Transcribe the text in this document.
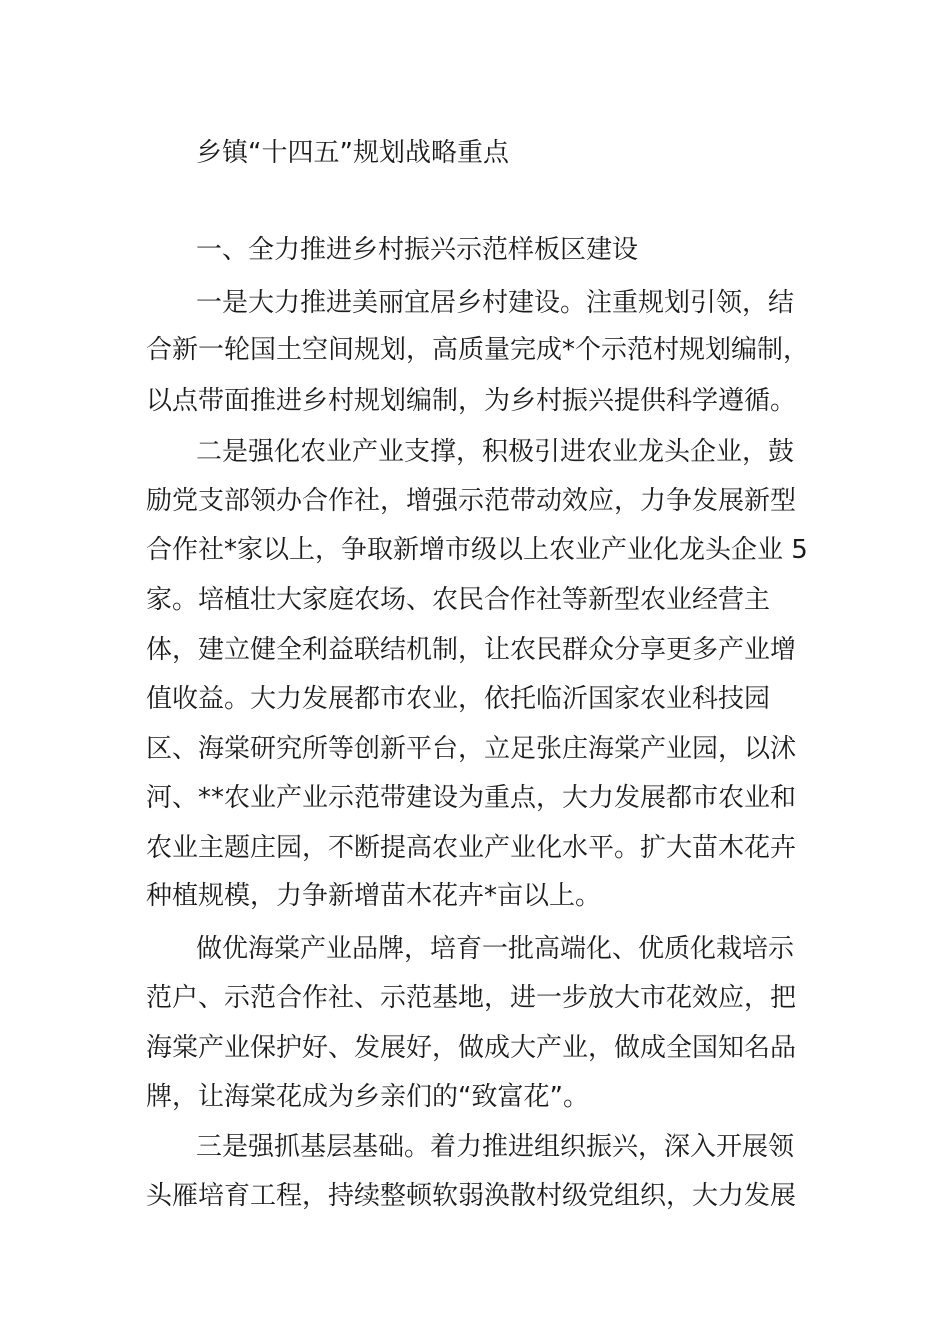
乡镇“十四五”规划战略重点
一、全力推进乡村振兴示范样板区建设

一是大力推进美丽宜居乡村建设。注重规划引领，结

合新一轮国土空间规划，高质量完成*个示范村规划编制，

以点带面推进乡村规划编制，为乡村振兴提供科学遵循。

二是强化农业产业支撑，积极引进农业龙头企业，鼓

励党支部领办合作社，增强示范带动效应，力争发展新型

合作社*家以上，争取新增市级以上农业产业化龙头企业 5

家。培植壮大家庭农场、农民合作社等新型农业经营主

体，建立健全利益联结机制，让农民群众分享更多产业增

值收益。大力发展都市农业，依托临沂国家农业科技园

区、海棠研究所等创新平台，立足张庄海棠产业园，以沭

河、**农业产业示范带建设为重点，大力发展都市农业和

农业主题庄园，不断提高农业产业化水平。扩大苗木花卉

种植规模，力争新增苗木花卉*亩以上。

做优海棠产业品牌，培育一批高端化、优质化栽培示

范户、示范合作社、示范基地，进一步放大市花效应，把

海棠产业保护好、发展好，做成大产业，做成全国知名品

牌，让海棠花成为乡亲们的“致富花”。

三是强抓基层基础。着力推进组织振兴，深入开展领

头雁培育工程，持续整顿软弱涣散村级党组织，大力发展
